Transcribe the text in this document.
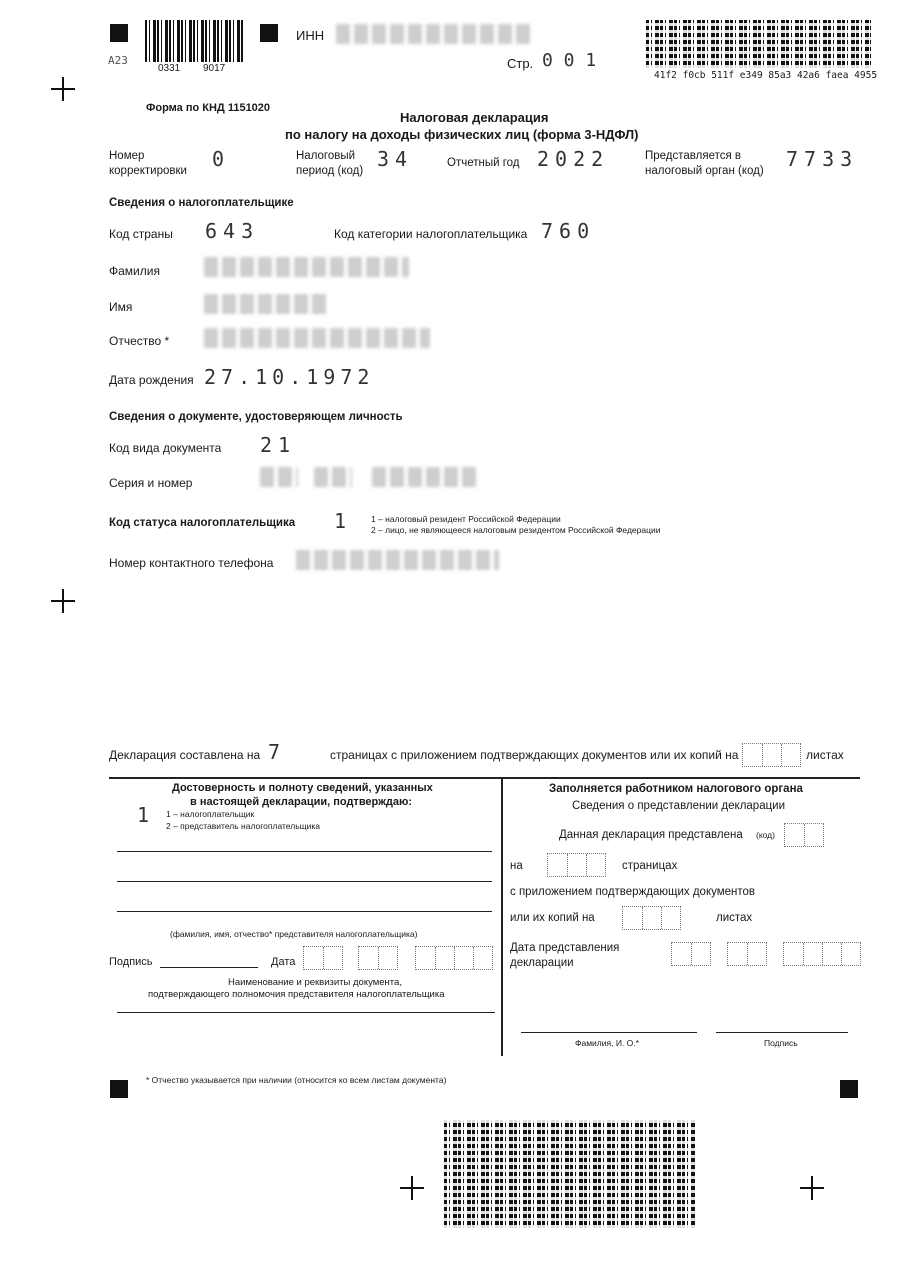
A23
0331 9017
ИНН
Стр. 0 0 1
41f2 f0cb 511f e349 85a3 42a6 faea 4955
Форма по КНД 1151020
Налоговая декларация
по налогу на доходы физических лиц (форма 3-НДФЛ)
Номер
корректировки 0	Налоговый
период (код) 34	Отчетный год 2022	Представляется в
налоговый орган (код) 7733
Сведения о налогоплательщике
Код страны 643	Код категории налогоплательщика 760
Фамилия
Имя
Отчество *
Дата рождения 27.10.1972
Сведения о документе, удостоверяющем личность
Код вида документа 21
Серия и номер
Код статуса налогоплательщика 1 1 – налоговый резидент Российской Федерации
2 – лицо, не являющееся налоговым резидентом Российской Федерации
Номер контактного телефона
Декларация составлена на 7	страницах с приложением подтверждающих документов или их копий на	листах
Достоверность и полноту сведений, указанных
в настоящей декларации, подтверждаю:
1 1 – налогоплательщик
2 – представитель налогоплательщика
(фамилия, имя, отчество* представителя налогоплательщика)
Подпись	Дата
Наименование и реквизиты документа,
подтверждающего полномочия представителя налогоплательщика
Заполняется работником налогового органа
Сведения о представлении декларации
Данная декларация представлена (код)
на	страницах
с приложением подтверждающих документов
или их копий на	листах
Дата представления
декларации
Фамилия, И. О.*	Подпись
* Отчество указывается при наличии (относится ко всем листам документа)
